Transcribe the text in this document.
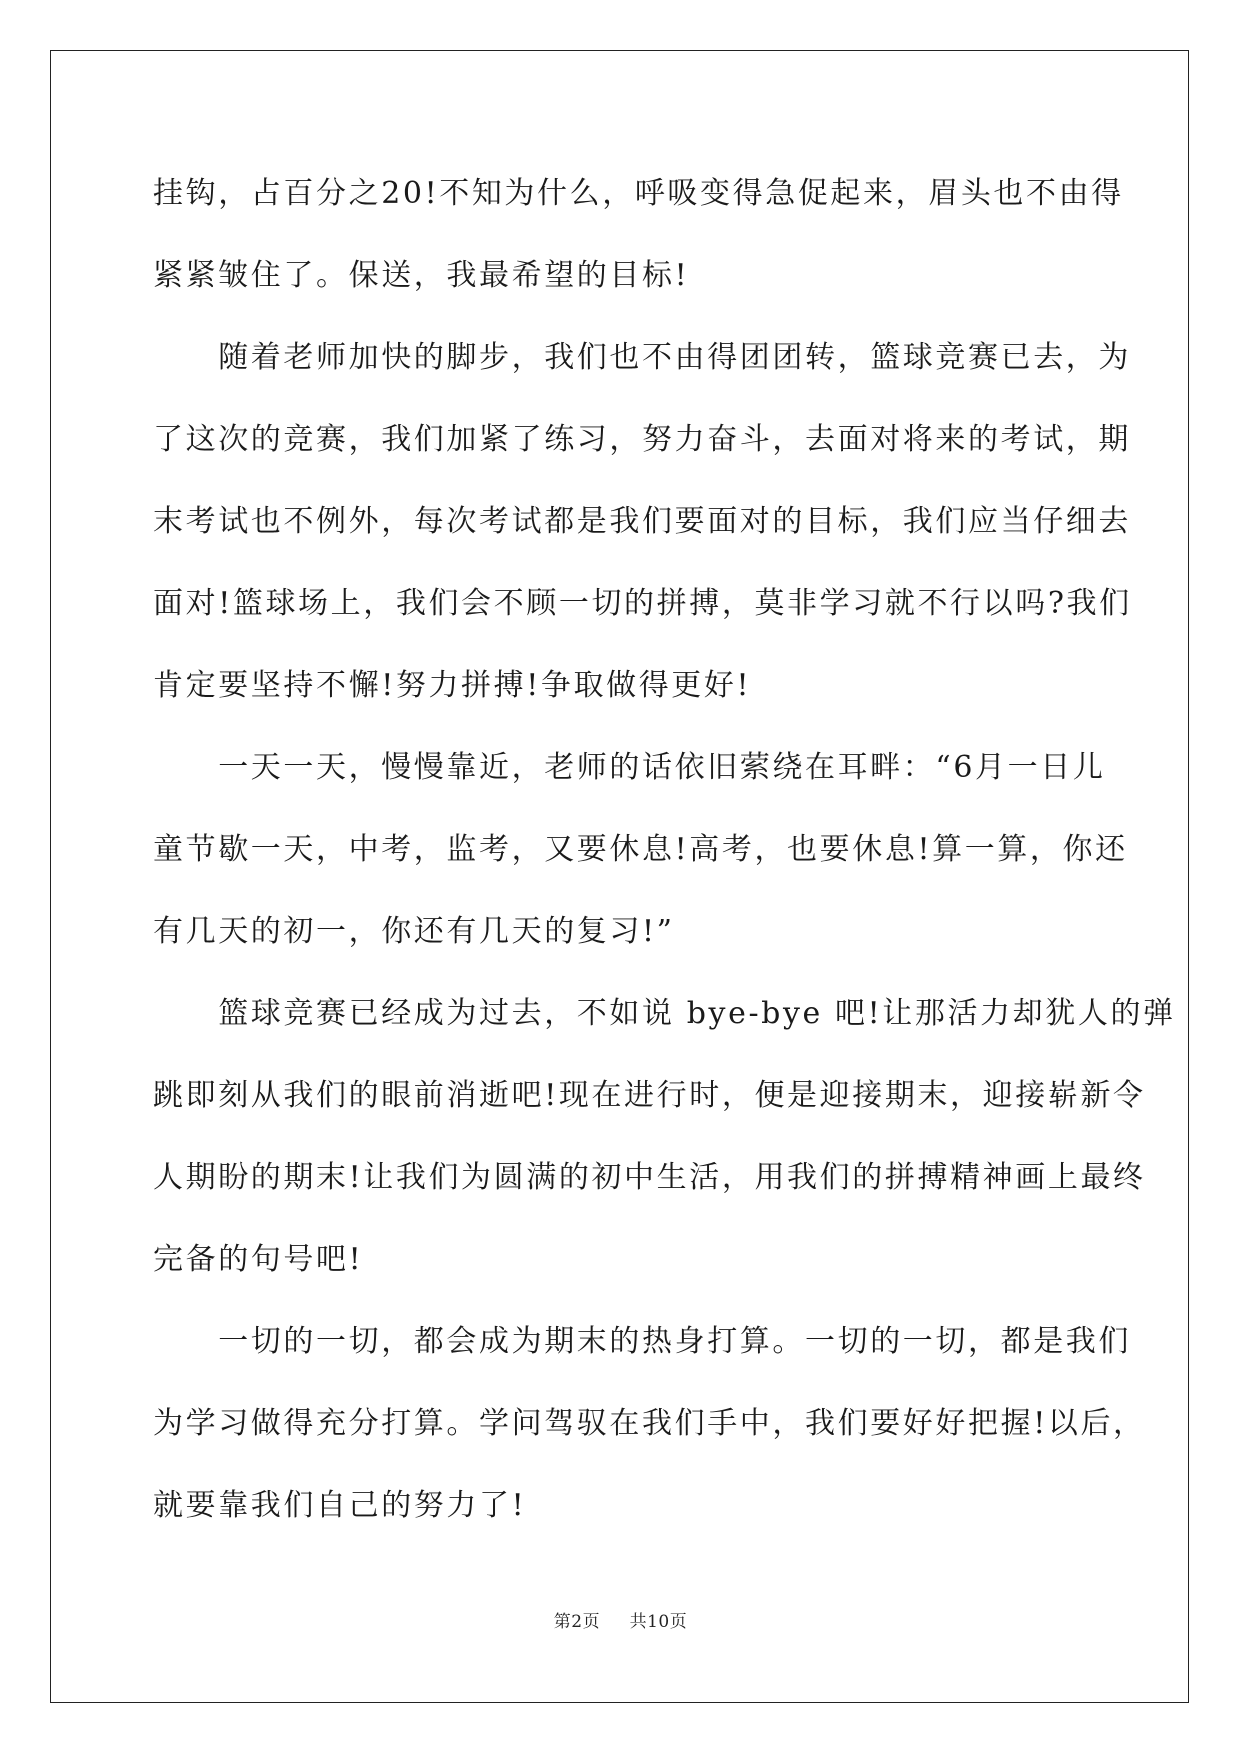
挂钩，占百分之20!不知为什么，呼吸变得急促起来，眉头也不由得
紧紧皱住了。保送，我最希望的目标!
　　随着老师加快的脚步，我们也不由得团团转，篮球竞赛已去，为
了这次的竞赛，我们加紧了练习，努力奋斗，去面对将来的考试，期
末考试也不例外，每次考试都是我们要面对的目标，我们应当仔细去
面对!篮球场上，我们会不顾一切的拼搏，莫非学习就不行以吗?我们
肯定要坚持不懈!努力拼搏!争取做得更好!
　　一天一天，慢慢靠近，老师的话依旧萦绕在耳畔：“6月一日儿
童节歇一天，中考，监考，又要休息!高考，也要休息!算一算，你还
有几天的初一，你还有几天的复习!”
　　篮球竞赛已经成为过去，不如说 bye-bye 吧!让那活力却犹人的弹
跳即刻从我们的眼前消逝吧!现在进行时，便是迎接期末，迎接崭新令
人期盼的期末!让我们为圆满的初中生活，用我们的拼搏精神画上最终
完备的句号吧!
　　一切的一切，都会成为期末的热身打算。一切的一切，都是我们
为学习做得充分打算。学问驾驭在我们手中，我们要好好把握!以后，
就要靠我们自己的努力了!
第2页 共10页
